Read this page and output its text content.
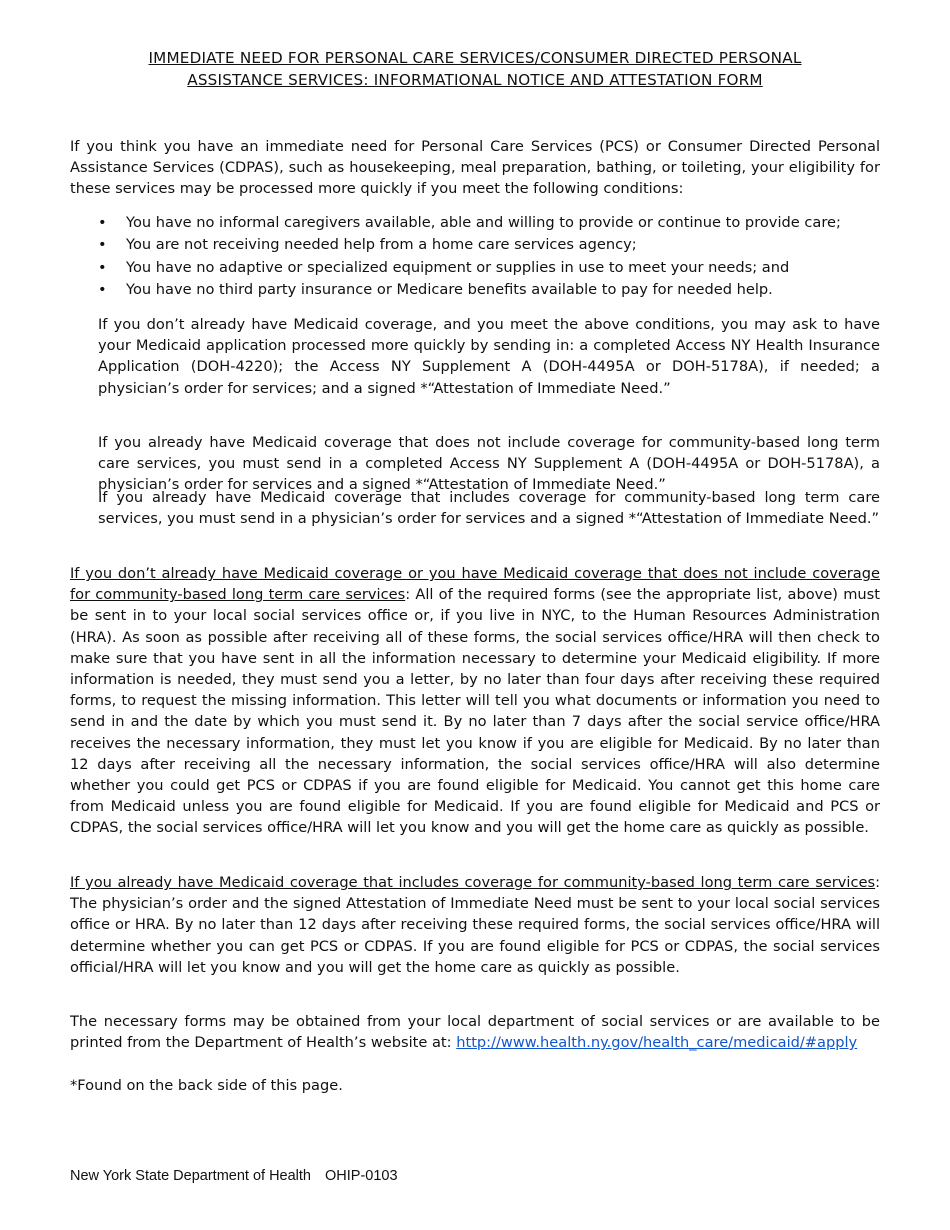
IMMEDIATE NEED FOR PERSONAL CARE SERVICES/CONSUMER DIRECTED PERSONAL
ASSISTANCE SERVICES: INFORMATIONAL NOTICE AND ATTESTATION FORM
If you think you have an immediate need for Personal Care Services (PCS) or Consumer Directed Personal Assistance Services (CDPAS), such as housekeeping, meal preparation, bathing, or toileting, your eligibility for these services may be processed more quickly if you meet the following conditions:
• You have no informal caregivers available, able and willing to provide or continue to provide care;
• You are not receiving needed help from a home care services agency;
• You have no adaptive or specialized equipment or supplies in use to meet your needs; and
• You have no third party insurance or Medicare benefits available to pay for needed help.
If you don’t already have Medicaid coverage, and you meet the above conditions, you may ask to have your Medicaid application processed more quickly by sending in: a completed Access NY Health Insurance Application (DOH-4220); the Access NY Supplement A (DOH-4495A or DOH-5178A), if needed; a physician’s order for services; and a signed *“Attestation of Immediate Need.”
If you already have Medicaid coverage that does not include coverage for community-based long term care services, you must send in a completed Access NY Supplement A (DOH-4495A or DOH-5178A), a physician’s order for services and a signed *“Attestation of Immediate Need.”
If you already have Medicaid coverage that includes coverage for community-based long term care services, you must send in a physician’s order for services and a signed *“Attestation of Immediate Need.”
If you don’t already have Medicaid coverage or you have Medicaid coverage that does not include coverage for community-based long term care services: All of the required forms (see the appropriate list, above) must be sent in to your local social services office or, if you live in NYC, to the Human Resources Administration (HRA). As soon as possible after receiving all of these forms, the social services office/HRA will then check to make sure that you have sent in all the information necessary to determine your Medicaid eligibility. If more information is needed, they must send you a letter, by no later than four days after receiving these required forms, to request the missing information. This letter will tell you what documents or information you need to send in and the date by which you must send it. By no later than 7 days after the social service office/HRA receives the necessary information, they must let you know if you are eligible for Medicaid. By no later than 12 days after receiving all the necessary information, the social services office/HRA will also determine whether you could get PCS or CDPAS if you are found eligible for Medicaid. You cannot get this home care from Medicaid unless you are found eligible for Medicaid. If you are found eligible for Medicaid and PCS or CDPAS, the social services office/HRA will let you know and you will get the home care as quickly as possible.
If you already have Medicaid coverage that includes coverage for community-based long term care services: The physician’s order and the signed Attestation of Immediate Need must be sent to your local social services office or HRA. By no later than 12 days after receiving these required forms, the social services office/HRA will determine whether you can get PCS or CDPAS. If you are found eligible for PCS or CDPAS, the social services official/HRA will let you know and you will get the home care as quickly as possible.
The necessary forms may be obtained from your local department of social services or are available to be printed from the Department of Health’s website at: http://www.health.ny.gov/health_care/medicaid/#apply
*Found on the back side of this page.
New York State Department of Health OHIP-0103
